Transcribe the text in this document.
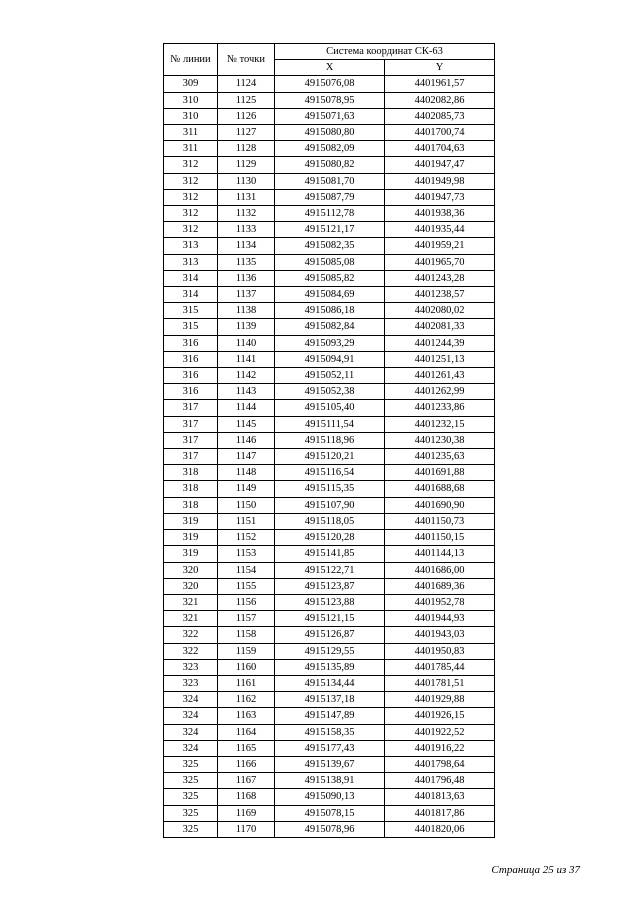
№ линии	№ точки	Система координат СК-63	
		X	Y
309	1124	4915076,08	4401961,57
310	1125	4915078,95	4402082,86
310	1126	4915071,63	4402085,73
311	1127	4915080,80	4401700,74
311	1128	4915082,09	4401704,63
312	1129	4915080,82	4401947,47
312	1130	4915081,70	4401949,98
312	1131	4915087,79	4401947,73
312	1132	4915112,78	4401938,36
312	1133	4915121,17	4401935,44
313	1134	4915082,35	4401959,21
313	1135	4915085,08	4401965,70
314	1136	4915085,82	4401243,28
314	1137	4915084,69	4401238,57
315	1138	4915086,18	4402080,02
315	1139	4915082,84	4402081,33
316	1140	4915093,29	4401244,39
316	1141	4915094,91	4401251,13
316	1142	4915052,11	4401261,43
316	1143	4915052,38	4401262,99
317	1144	4915105,40	4401233,86
317	1145	4915111,54	4401232,15
317	1146	4915118,96	4401230,38
317	1147	4915120,21	4401235,63
318	1148	4915116,54	4401691,88
318	1149	4915115,35	4401688,68
318	1150	4915107,90	4401690,90
319	1151	4915118,05	4401150,73
319	1152	4915120,28	4401150,15
319	1153	4915141,85	4401144,13
320	1154	4915122,71	4401686,00
320	1155	4915123,87	4401689,36
321	1156	4915123,88	4401952,78
321	1157	4915121,15	4401944,93
322	1158	4915126,87	4401943,03
322	1159	4915129,55	4401950,83
323	1160	4915135,89	4401785,44
323	1161	4915134,44	4401781,51
324	1162	4915137,18	4401929,88
324	1163	4915147,89	4401926,15
324	1164	4915158,35	4401922,52
324	1165	4915177,43	4401916,22
325	1166	4915139,67	4401798,64
325	1167	4915138,91	4401796,48
325	1168	4915090,13	4401813,63
325	1169	4915078,15	4401817,86
325	1170	4915078,96	4401820,06
Страница 25 из 37
